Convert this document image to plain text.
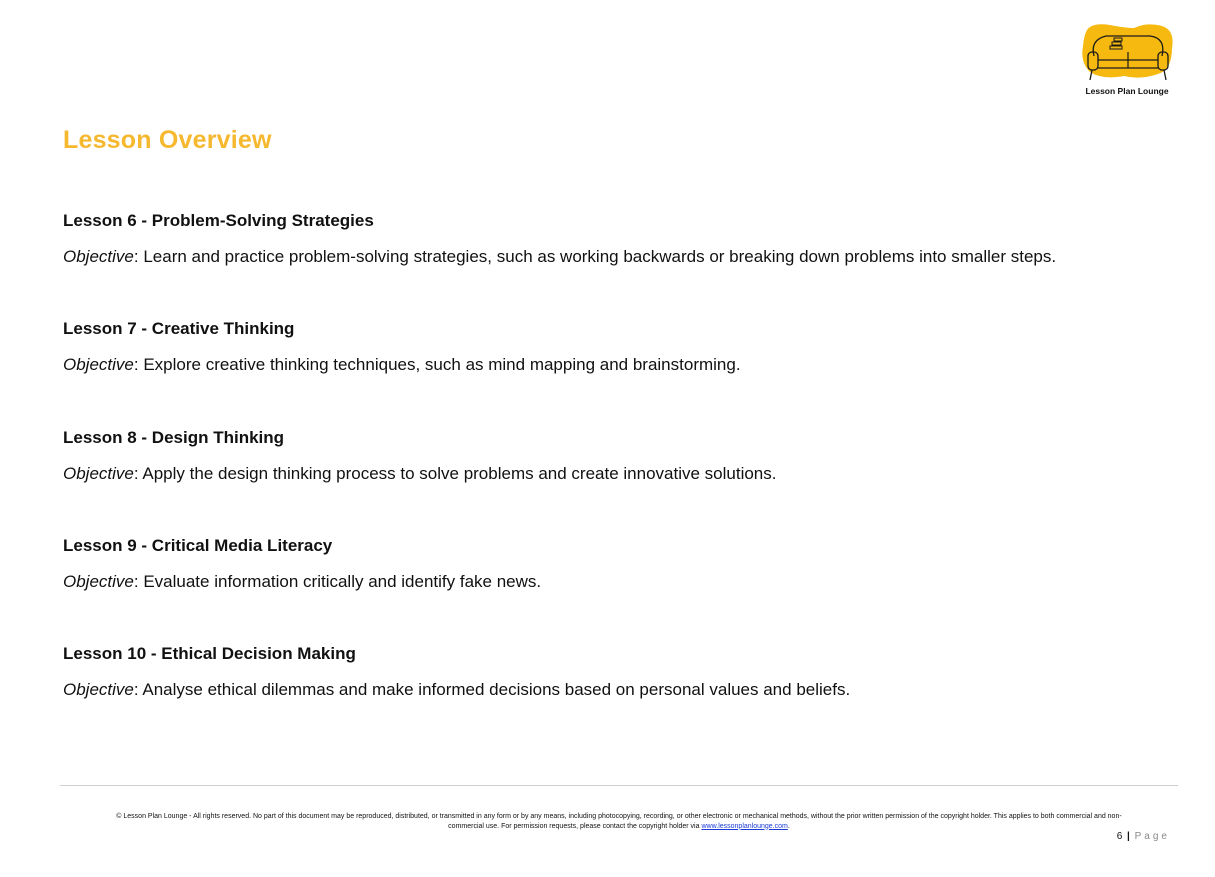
Lesson Plan Lounge
Lesson Overview
Lesson 6 - Problem-Solving Strategies
Objective: Learn and practice problem-solving strategies, such as working backwards or breaking down problems into smaller steps.
Lesson 7 - Creative Thinking
Objective: Explore creative thinking techniques, such as mind mapping and brainstorming.
Lesson 8 - Design Thinking
Objective: Apply the design thinking process to solve problems and create innovative solutions.
Lesson 9 - Critical Media Literacy
Objective: Evaluate information critically and identify fake news.
Lesson 10 - Ethical Decision Making
Objective: Analyse ethical dilemmas and make informed decisions based on personal values and beliefs.
© Lesson Plan Lounge - All rights reserved. No part of this document may be reproduced, distributed, or transmitted in any form or by any means, including photocopying, recording, or other electronic or mechanical methods, without the prior written permission of the copyright holder. This applies to both commercial and non-
commercial use. For permission requests, please contact the copyright holder via www.lessonplanlounge.com.
6 | Page
